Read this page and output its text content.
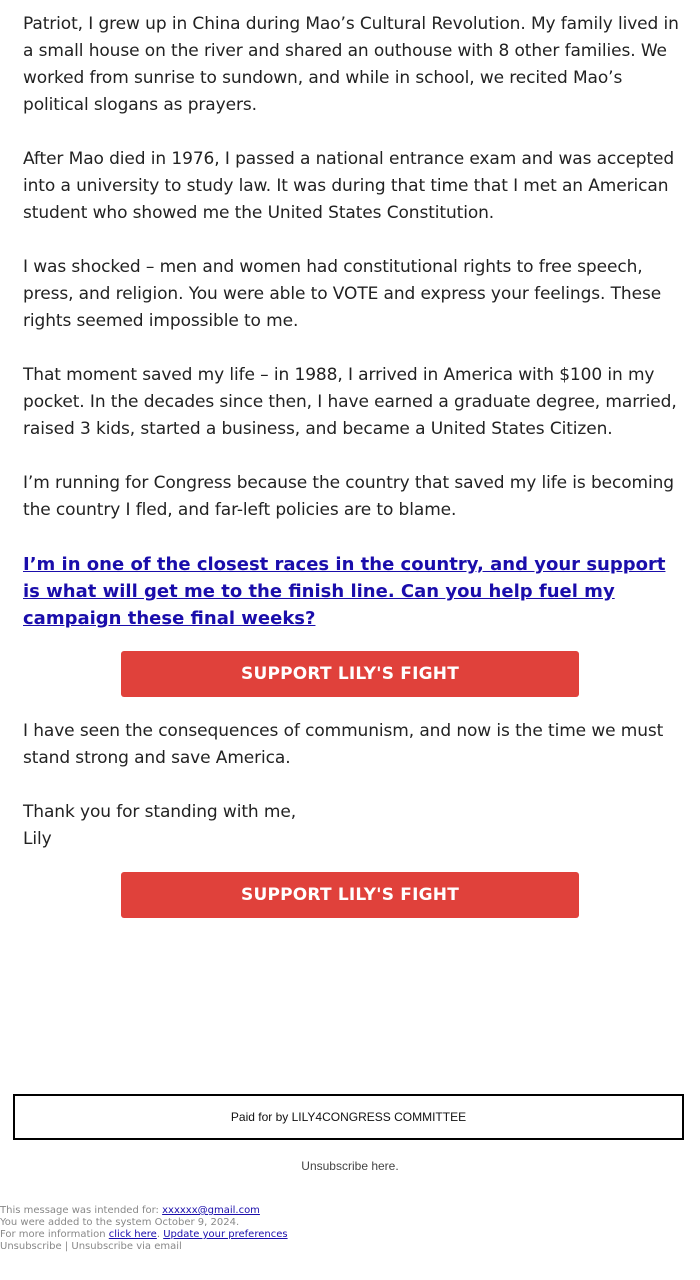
Patriot, I grew up in China during Mao’s Cultural Revolution. My family lived in a small house on the river and shared an outhouse with 8 other families. We worked from sunrise to sundown, and while in school, we recited Mao’s political slogans as prayers.

After Mao died in 1976, I passed a national entrance exam and was accepted into a university to study law. It was during that time that I met an American student who showed me the United States Constitution.

I was shocked – men and women had constitutional rights to free speech, press, and religion. You were able to VOTE and express your feelings. These rights seemed impossible to me.

That moment saved my life – in 1988, I arrived in America with $100 in my pocket. In the decades since then, I have earned a graduate degree, married, raised 3 kids, started a business, and became a United States Citizen.

I’m running for Congress because the country that saved my life is becoming the country I fled, and far-left policies are to blame.

I’m in one of the closest races in the country, and your support is what will get me to the finish line. Can you help fuel my campaign these final weeks?
SUPPORT LILY'S FIGHT

I have seen the consequences of communism, and now is the time we must stand strong and save America.

Thank you for standing with me,

Lily

SUPPORT LILY'S FIGHT
Paid for by LILY4CONGRESS COMMITTEE
Unsubscribe here.
This message was intended for: xxxxxx@gmail.com
You were added to the system October 9, 2024.
For more information click here. Update your preferences
Unsubscribe | Unsubscribe via email
